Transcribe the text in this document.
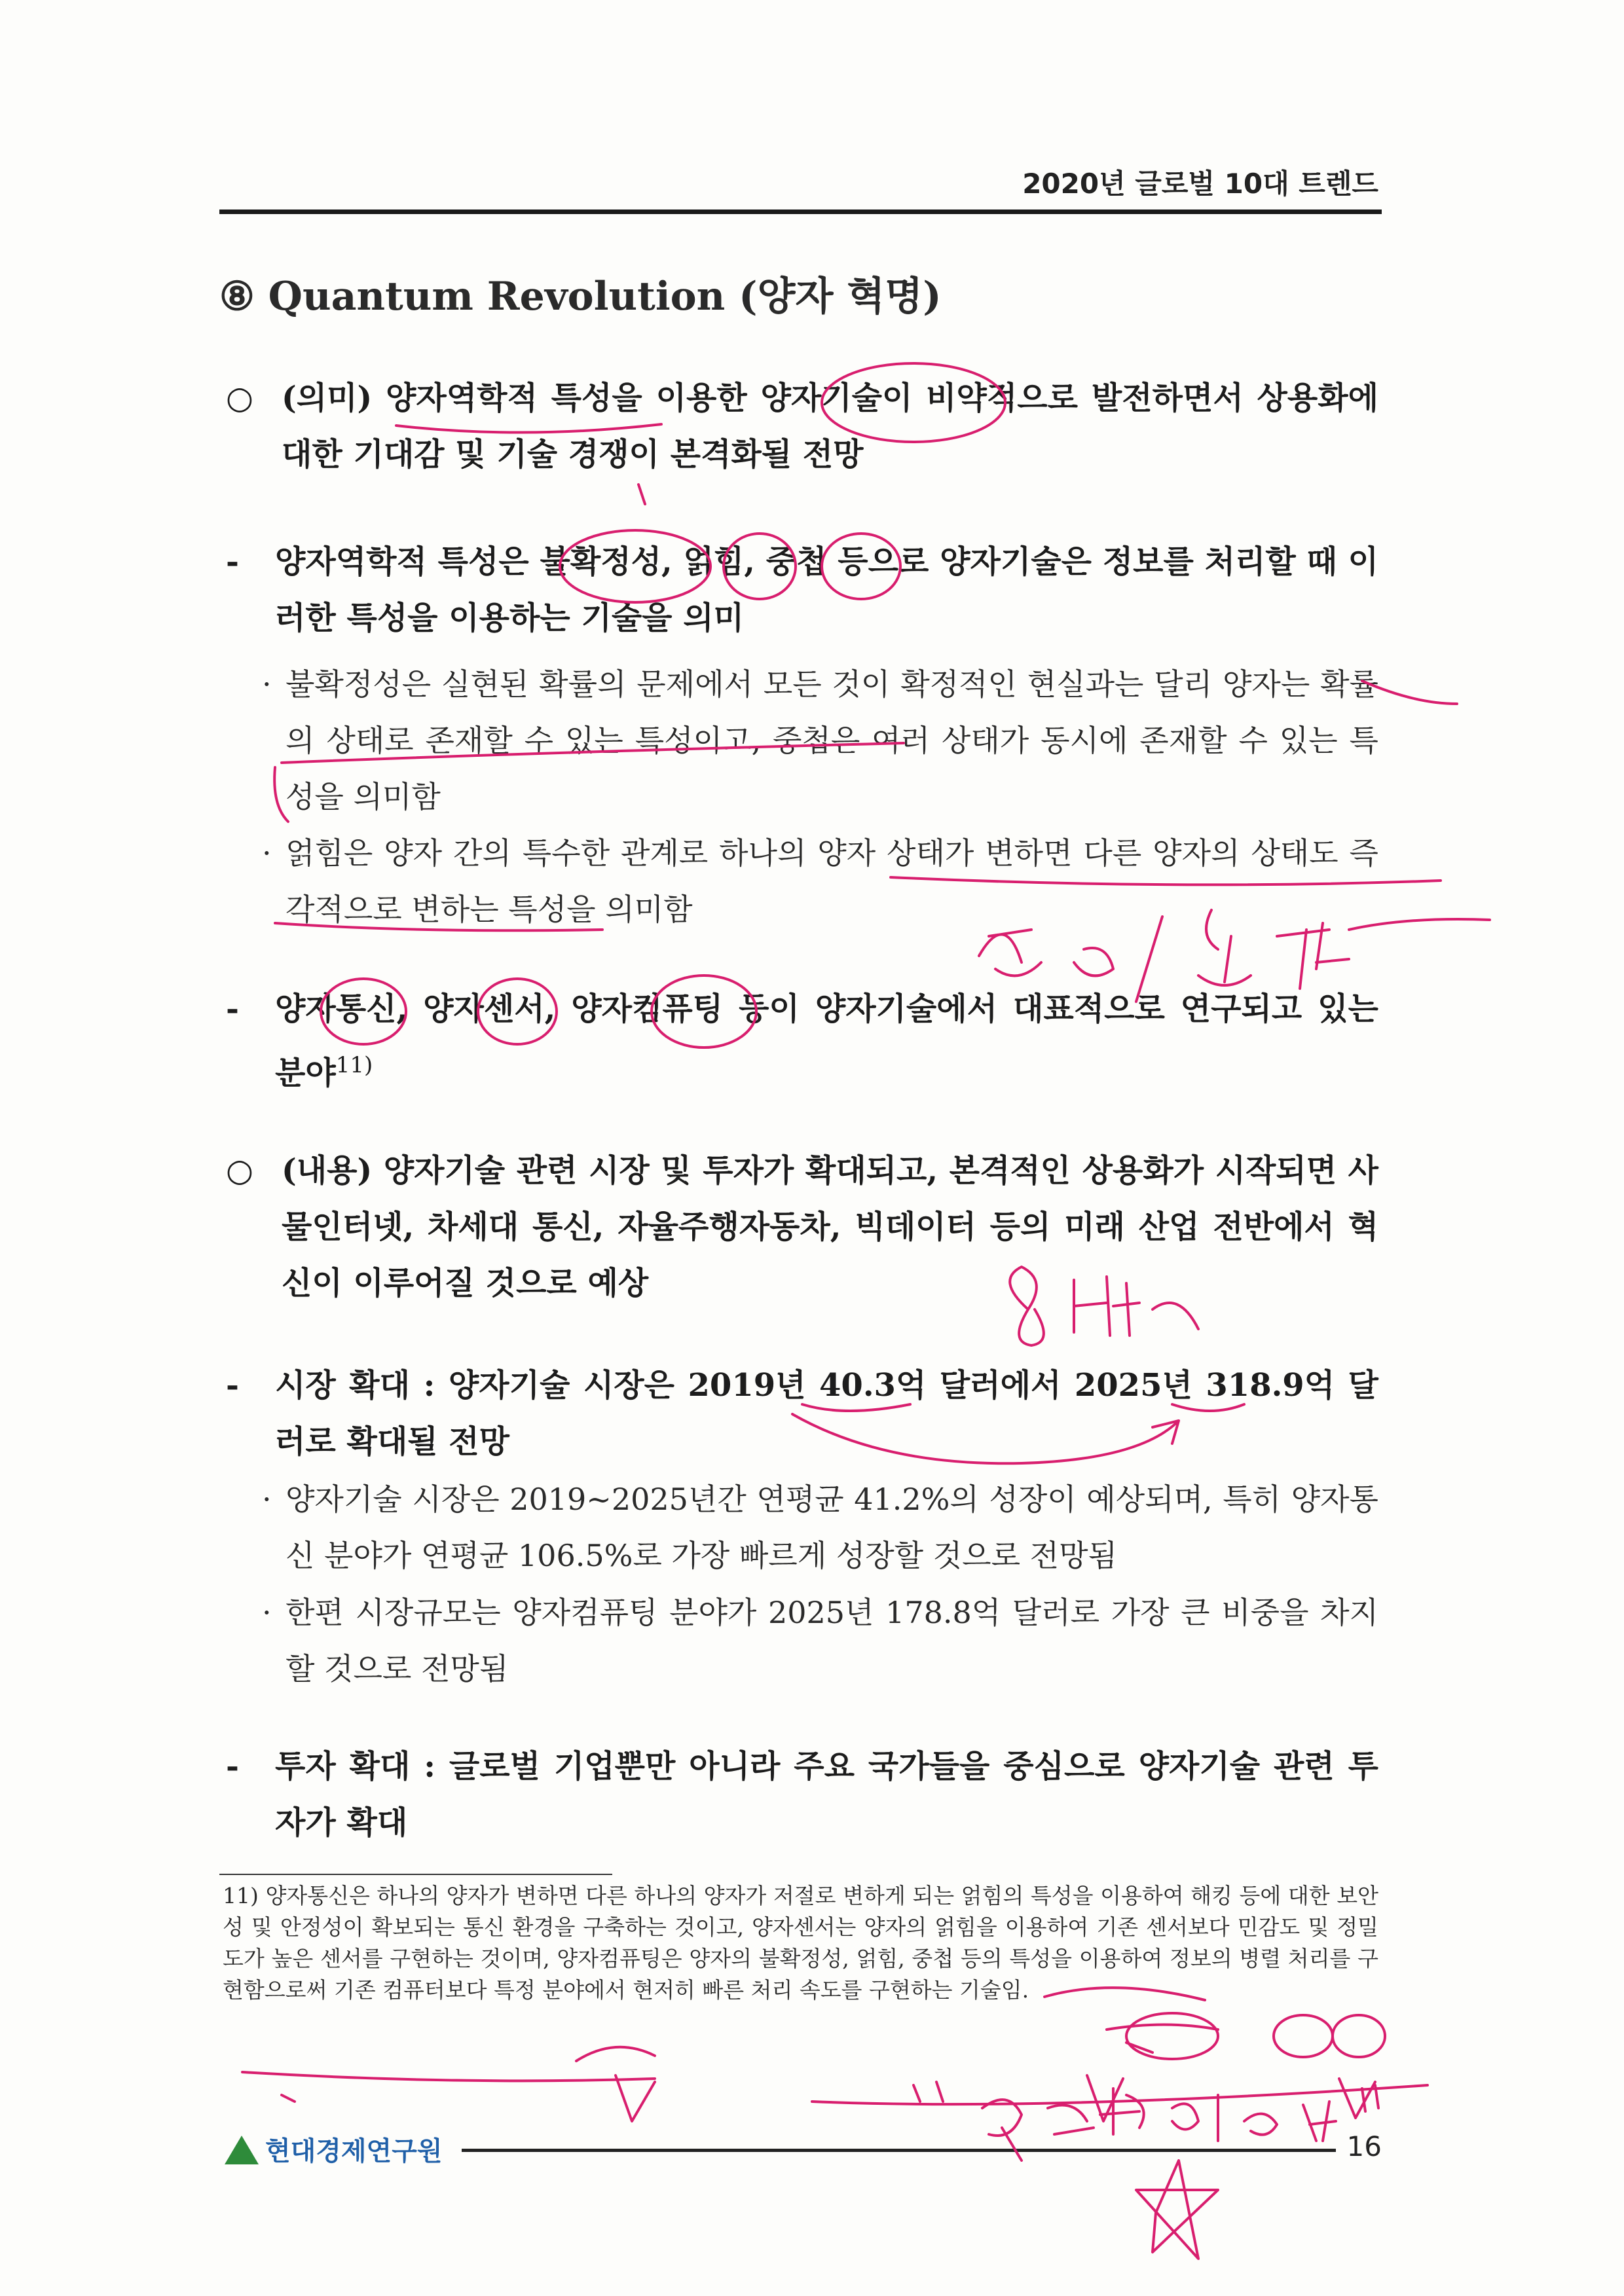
2020년 글로벌 10대 트렌드
⑧ Quantum Revolution (양자 혁명)
○ (의미) 양자역학적 특성을 이용한 양자기술이 비약적으로 발전하면서 상용화에 대한 기대감 및 기술 경쟁이 본격화될 전망
- 양자역학적 특성은 불확정성, 얽힘, 중첩 등으로 양자기술은 정보를 처리할 때 이러한 특성을 이용하는 기술을 의미
· 불확정성은 실현된 확률의 문제에서 모든 것이 확정적인 현실과는 달리 양자는 확률의 상태로 존재할 수 있는 특성이고, 중첩은 여러 상태가 동시에 존재할 수 있는 특성을 의미함
· 얽힘은 양자 간의 특수한 관계로 하나의 양자 상태가 변하면 다른 양자의 상태도 즉각적으로 변하는 특성을 의미함
- 양자통신, 양자센서, 양자컴퓨팅 등이 양자기술에서 대표적으로 연구되고 있는 분야$^{11)}$
○ (내용) 양자기술 관련 시장 및 투자가 확대되고, 본격적인 상용화가 시작되면 사물인터넷, 차세대 통신, 자율주행자동차, 빅데이터 등의 미래 산업 전반에서 혁신이 이루어질 것으로 예상
- 시장 확대 : 양자기술 시장은 2019년 40.3억 달러에서 2025년 318.9억 달러로 확대될 전망
· 양자기술 시장은 2019~2025년간 연평균 41.2%의 성장이 예상되며, 특히 양자통신 분야가 연평균 106.5%로 가장 빠르게 성장할 것으로 전망됨
· 한편 시장규모는 양자컴퓨팅 분야가 2025년 178.8억 달러로 가장 큰 비중을 차지할 것으로 전망됨
- 투자 확대 : 글로벌 기업뿐만 아니라 주요 국가들을 중심으로 양자기술 관련 투자가 확대
11) 양자통신은 하나의 양자가 변하면 다른 하나의 양자가 저절로 변하게 되는 얽힘의 특성을 이용하여 해킹 등에 대한 보안성 및 안정성이 확보되는 통신 환경을 구축하는 것이고, 양자센서는 양자의 얽힘을 이용하여 기존 센서보다 민감도 및 정밀도가 높은 센서를 구현하는 것이며, 양자컴퓨팅은 양자의 불확정성, 얽힘, 중첩 등의 특성을 이용하여 정보의 병렬 처리를 구현함으로써 기존 컴퓨터보다 특정 분야에서 현저히 빠른 처리 속도를 구현하는 기술임.
현대경제연구원	16
